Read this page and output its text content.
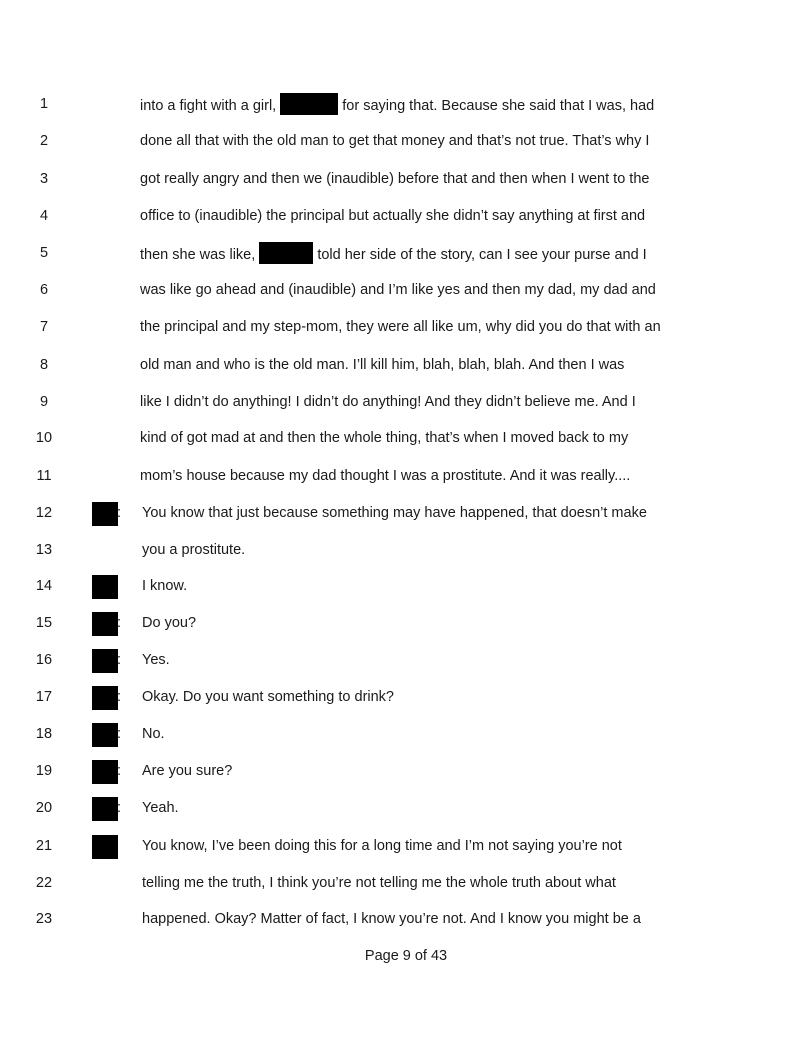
1	into a fight with a girl,	for saying that. Because she said that I was, had
2	done all that with the old man to get that money and that’s not true. That’s why I
3	got really angry and then we (inaudible) before that and then when I went to the
4	office to (inaudible) the principal but actually she didn’t say anything at first and
5	then she was like,	told her side of the story, can I see your purse and I
6	was like go ahead and (inaudible) and I’m like yes and then my dad, my dad and
7	the principal and my step-mom, they were all like um, why did you do that with an
8	old man and who is the old man. I’ll kill him, blah, blah, blah. And then I was
9	like I didn’t do anything! I didn’t do anything! And they didn’t believe me. And I
10	kind of got mad at and then the whole thing, that’s when I moved back to my
11	mom’s house because my dad thought I was a prostitute. And it was really....
12	: You know that just because something may have happened, that doesn’t make
13	you a prostitute.
14	I know.
15	: Do you?
16	: Yes.
17	: Okay. Do you want something to drink?
18	: No.
19	: Are you sure?
20	: Yeah.
21	You know, I’ve been doing this for a long time and I’m not saying you’re not
22	telling me the truth, I think you’re not telling me the whole truth about what
23	happened. Okay? Matter of fact, I know you’re not. And I know you might be a
Page 9 of 43
